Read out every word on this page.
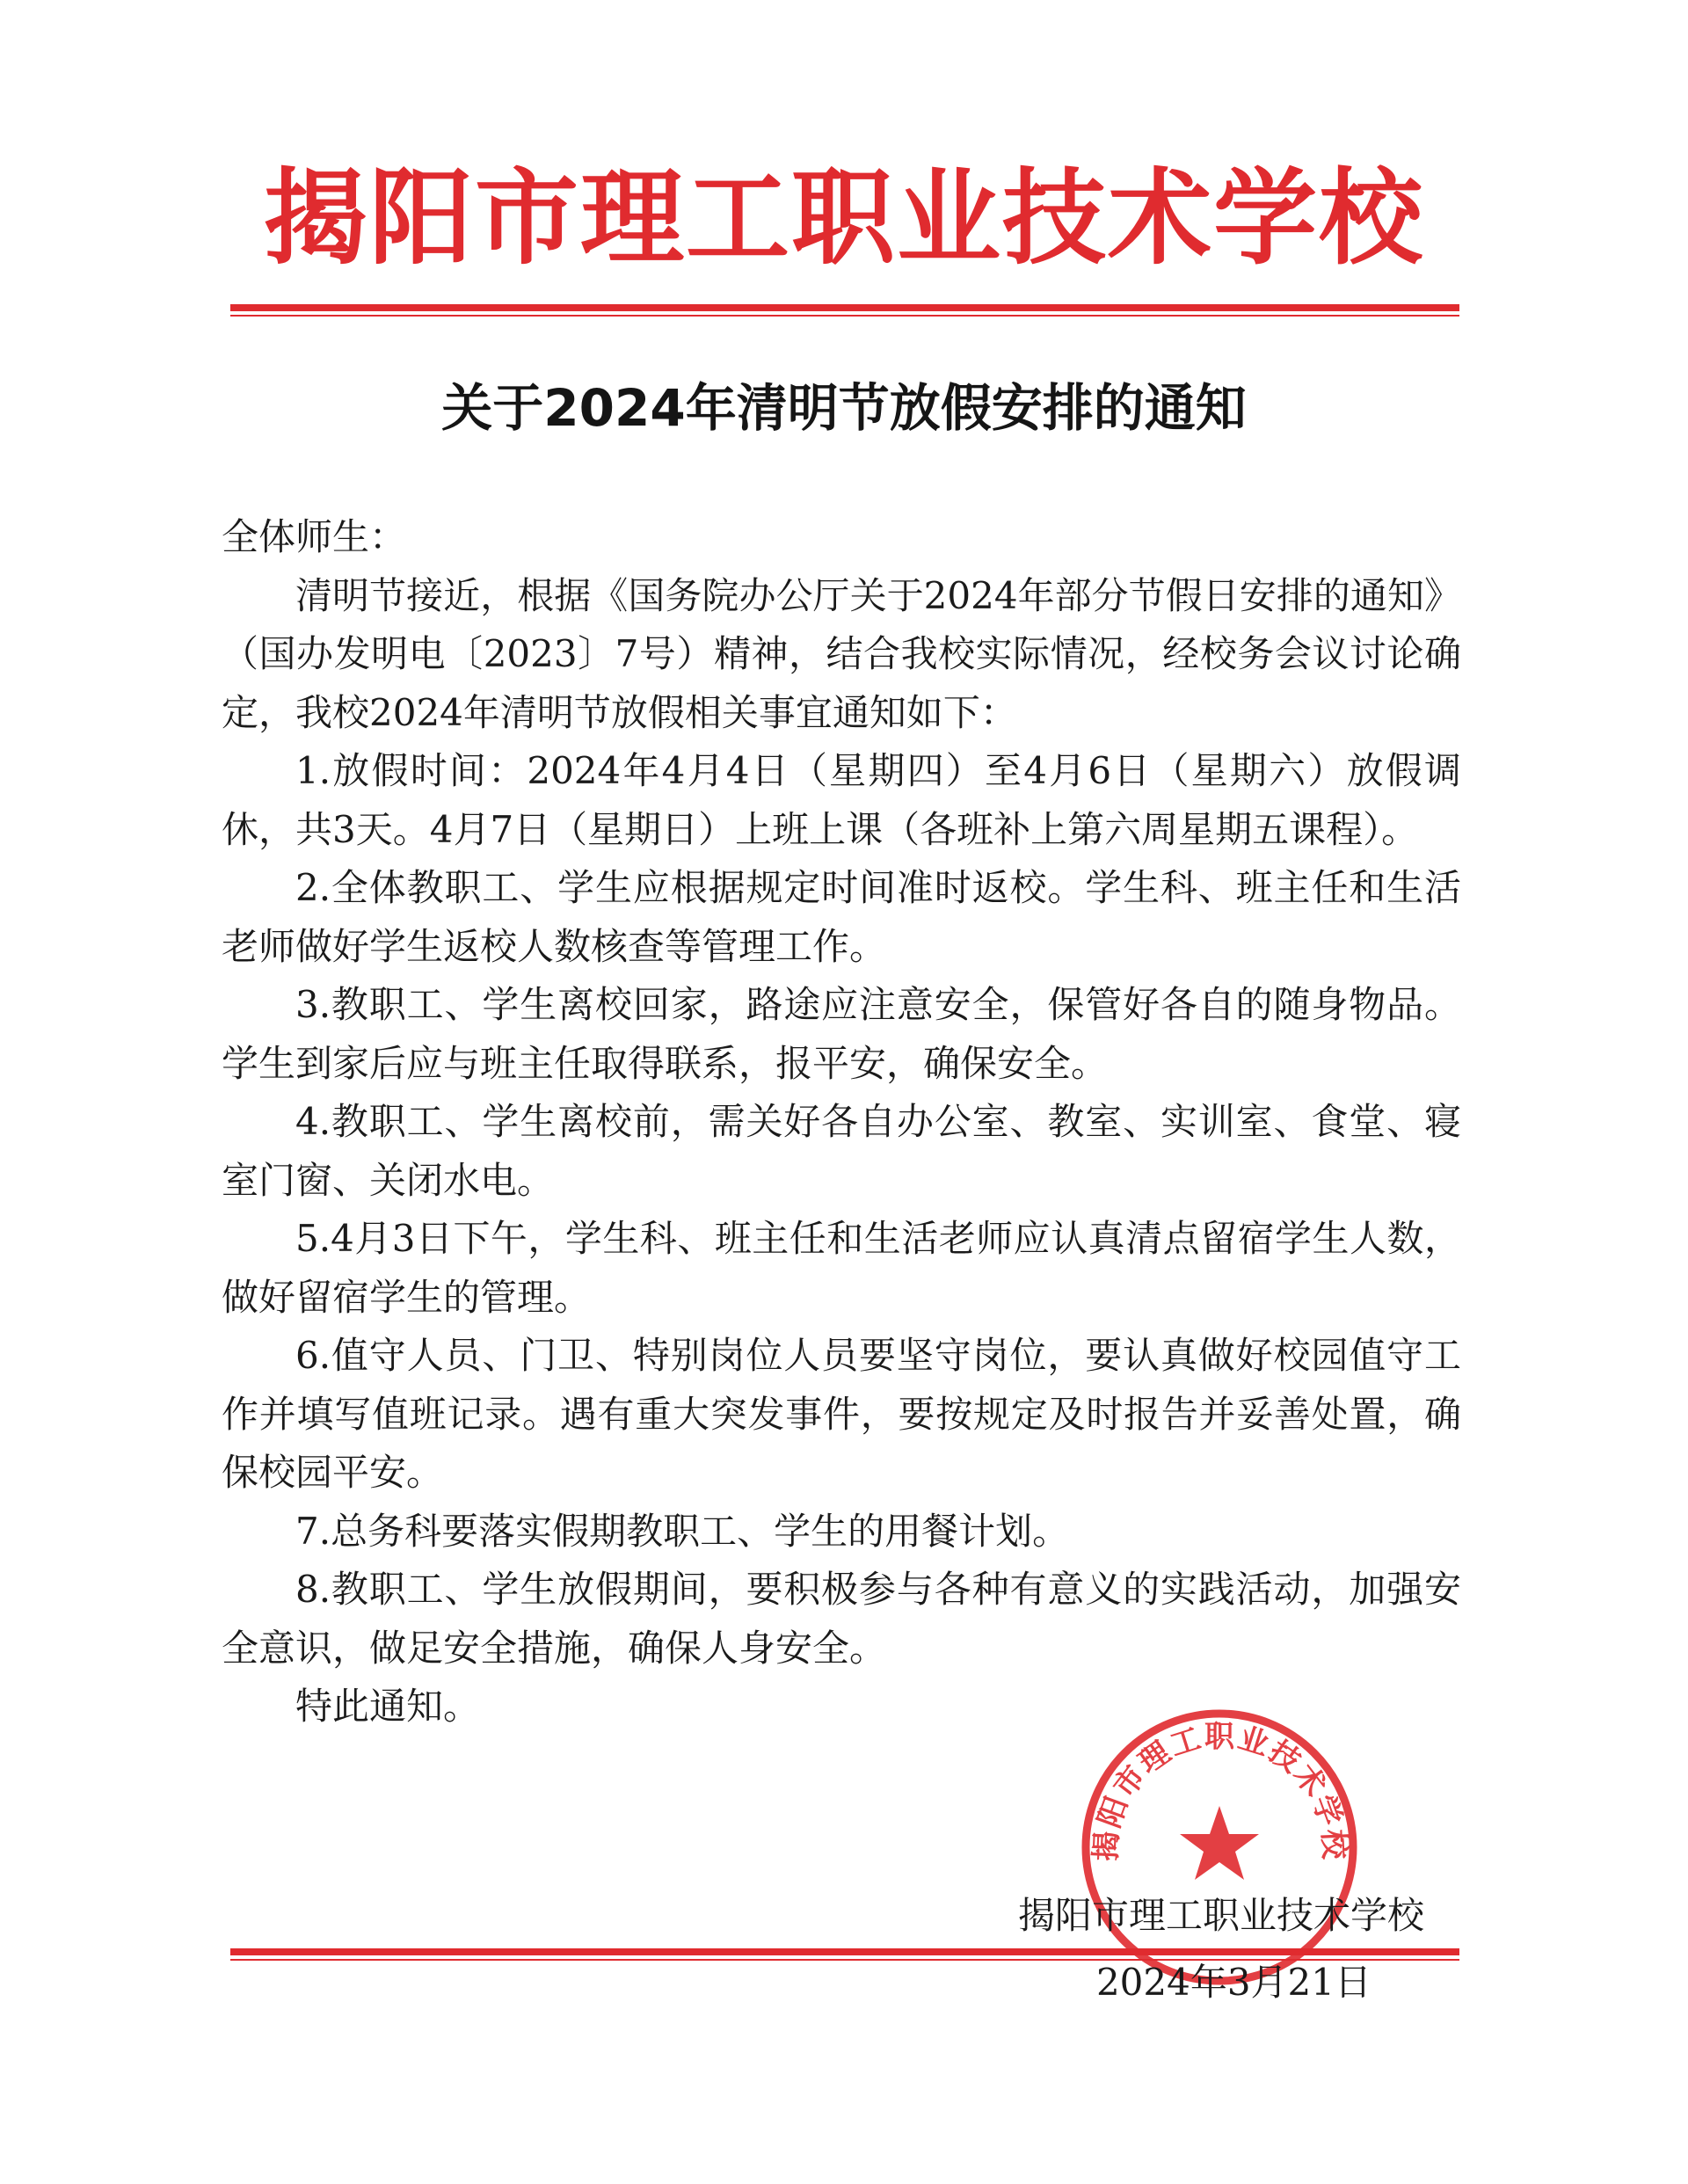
揭阳市理工职业技术学校
关于2024年清明节放假安排的通知

全体师生：

清明节接近，根据《国务院办公厅关于2024年部分节假日安排的通知》（国办发明电〔2023〕7号）精神，结合我校实际情况，经校务会议讨论确定，我校2024年清明节放假相关事宜通知如下：

1.放假时间：2024年4月4日（星期四）至4月6日（星期六）放假调休，共3天。4月7日（星期日）上班上课（各班补上第六周星期五课程）。

2.全体教职工、学生应根据规定时间准时返校。学生科、班主任和生活老师做好学生返校人数核查等管理工作。

3.教职工、学生离校回家，路途应注意安全，保管好各自的随身物品。学生到家后应与班主任取得联系，报平安，确保安全。

4.教职工、学生离校前，需关好各自办公室、教室、实训室、食堂、寝室门窗、关闭水电。

5.4月3日下午，学生科、班主任和生活老师应认真清点留宿学生人数，做好留宿学生的管理。

6.值守人员、门卫、特别岗位人员要坚守岗位，要认真做好校园值守工作并填写值班记录。遇有重大突发事件，要按规定及时报告并妥善处置，确保校园平安。

7.总务科要落实假期教职工、学生的用餐计划。

8.教职工、学生放假期间，要积极参与各种有意义的实践活动，加强安全意识，做足安全措施，确保人身安全。

特此通知。

揭阳市理工职业技术学校
揭阳市理工职业技术学校
2024年3月21日
